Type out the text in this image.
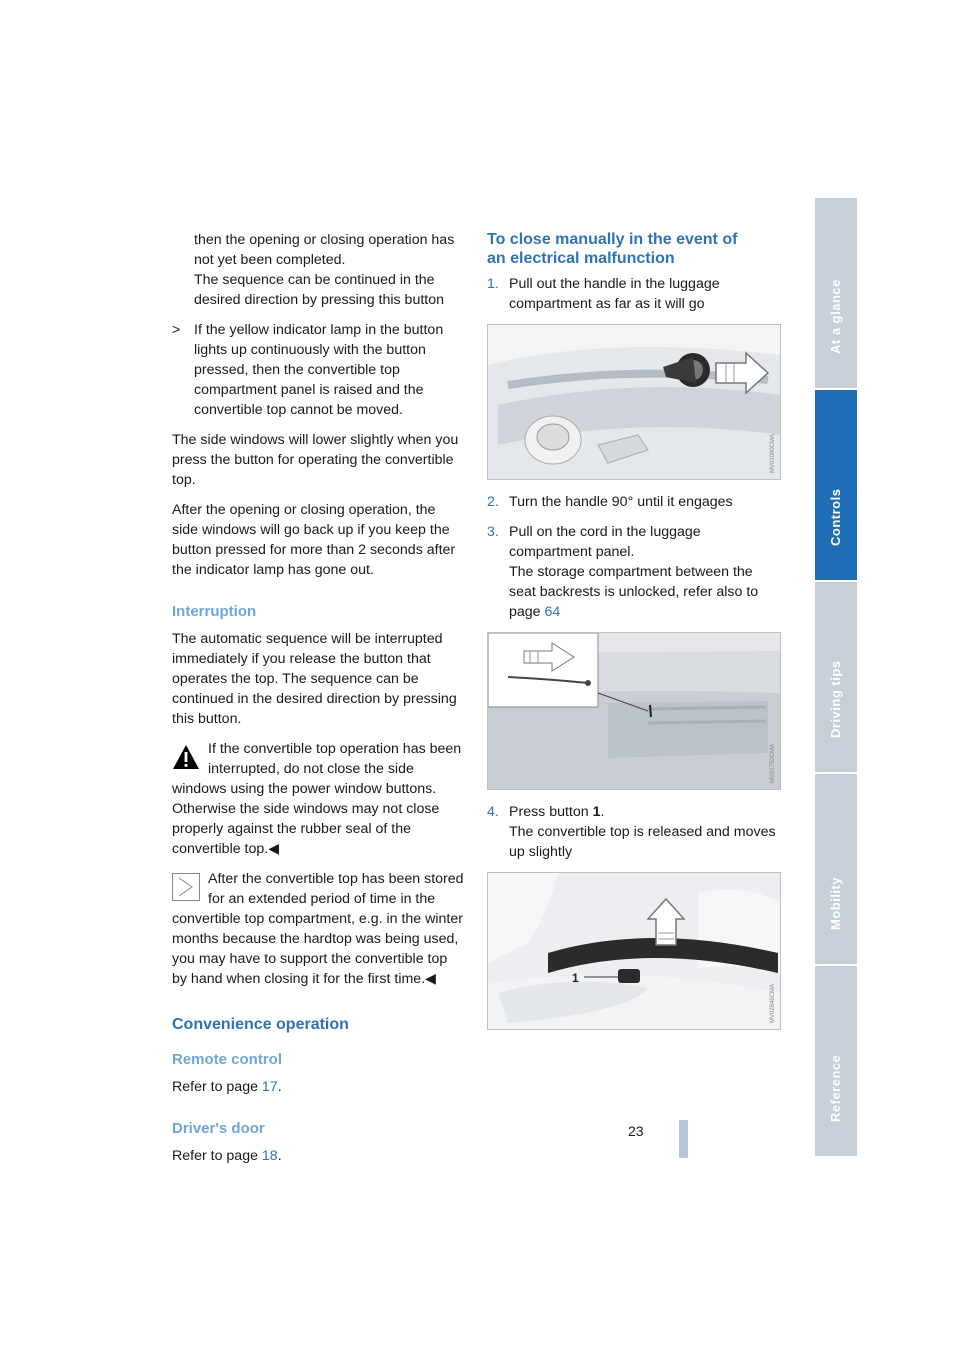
then the opening or closing operation has not yet been completed.

The sequence can be continued in the desired direction by pressing this button

> If the yellow indicator lamp in the button lights up continuously with the button pressed, then the convertible top compartment panel is raised and the convertible top cannot be moved.

The side windows will lower slightly when you press the button for operating the convertible top.

After the opening or closing operation, the side windows will go back up if you keep the button pressed for more than 2 seconds after the indicator lamp has gone out.

Interruption

The automatic sequence will be interrupted immediately if you release the button that operates the top. The sequence can be continued in the desired direction by pressing this button.

If the convertible top operation has been interrupted, do not close the side windows using the power window buttons. Otherwise the side windows may not close properly against the rubber seal of the convertible top.◀
After the convertible top has been stored for an extended period of time in the convertible top compartment, e.g. in the winter months because the hardtop was being used, you may have to support the convertible top by hand when closing it for the first time.◀
Convenience operation
Remote control

Refer to page 17.

Driver's door

Refer to page 18.

To close manually in the event of
an electrical malfunction
1. Pull out the handle in the luggage compartment as far as it will go
MV01080CMA
2. Turn the handle 90° until it engages
3. Pull on the cord in the luggage compartment panel.
The storage compartment between the seat backrests is unlocked, refer also to page 64
MV01750CMA
4. Press button 1.
The convertible top is released and moves up slightly
1
MV02846CMA
At a glance
Controls
Driving tips
Mobility
Reference
23
